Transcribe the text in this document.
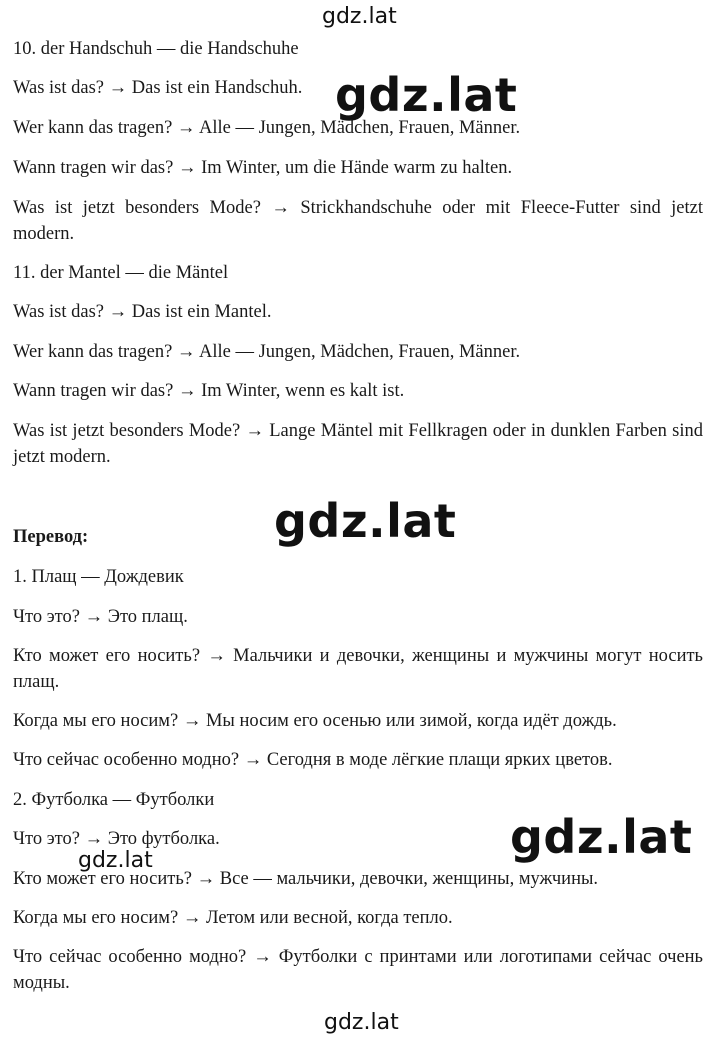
gdz.lat
10. der Handschuh — die Handschuhe
Was ist das? → Das ist ein Handschuh. gdz.lat
Wer kann das tragen? → Alle — Jungen, Mädchen, Frauen, Männer.
Wann tragen wir das? → Im Winter, um die Hände warm zu halten.
Was ist jetzt besonders Mode? → Strickhandschuhe oder mit Fleece-Futter sind jetzt modern.
11. der Mantel — die Mäntel
Was ist das? → Das ist ein Mantel.
Wer kann das tragen? → Alle — Jungen, Mädchen, Frauen, Männer.
Wann tragen wir das? → Im Winter, wenn es kalt ist.
Was ist jetzt besonders Mode? → Lange Mäntel mit Fellkragen oder in dunklen Farben sind jetzt modern.
gdz.lat
Перевод:
1. Плащ — Дождевик
Что это? → Это плащ.
Кто может его носить? → Мальчики и девочки, женщины и мужчины могут носить плащ.
Когда мы его носим? → Мы носим его осенью или зимой, когда идёт дождь.
Что сейчас особенно модно? → Сегодня в моде лёгкие плащи ярких цветов.
2. Футболка — Футболки
Что это? → Это футболка.	gdz.lat
gdz.lat
Кто может его носить? → Все — мальчики, девочки, женщины, мужчины.
Когда мы его носим? → Летом или весной, когда тепло.
Что сейчас особенно модно? → Футболки с принтами или логотипами сейчас очень модны.
gdz.lat
